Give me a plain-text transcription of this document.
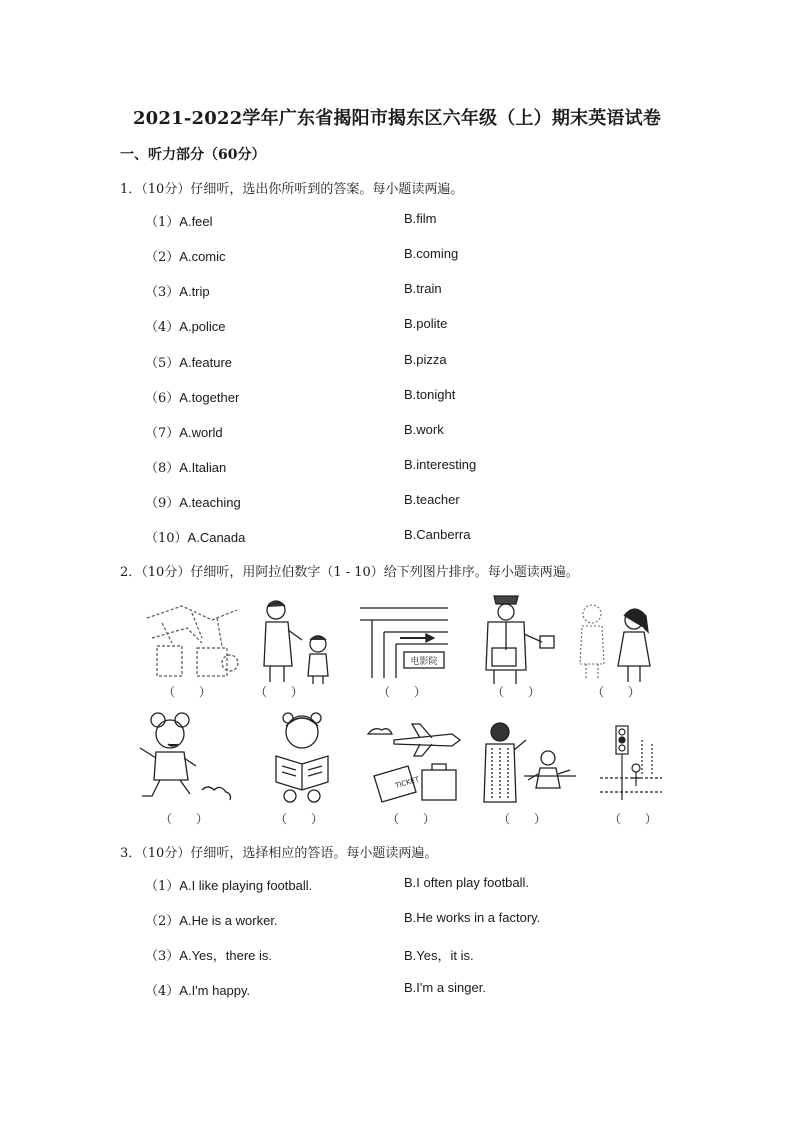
2021-2022学年广东省揭阳市揭东区六年级（上）期末英语试卷
一、听力部分（60分）
1．（10分）仔细听，选出你所听到的答案。每小题读两遍。
（1）A.feel	B.film
（2）A.comic	B.coming
（3）A.trip	B.train
（4）A.police	B.polite
（5）A.feature	B.pizza
（6）A.together	B.tonight
（7）A.world	B.work
（8）A.Italian	B.interesting
（9）A.teaching	B.teacher
（10）A.Canada	B.Canberra
2．（10分）仔细听，用阿拉伯数字（1 - 10）给下列图片排序。每小题读两遍。
电影院
（　　）	（　　）	（　　）	（　　）	（　　）
TICKET
（　　）	（　　）	（　　）	（　　）	（　　）
3．（10分）仔细听，选择相应的答语。每小题读两遍。
（1）A.I like playing football.	B.I often play football.
（2）A.He is a worker.	B.He works in a factory.
（3）A.Yes，there is.	B.Yes，it is.
（4）A.I'm happy.	B.I'm a singer.
